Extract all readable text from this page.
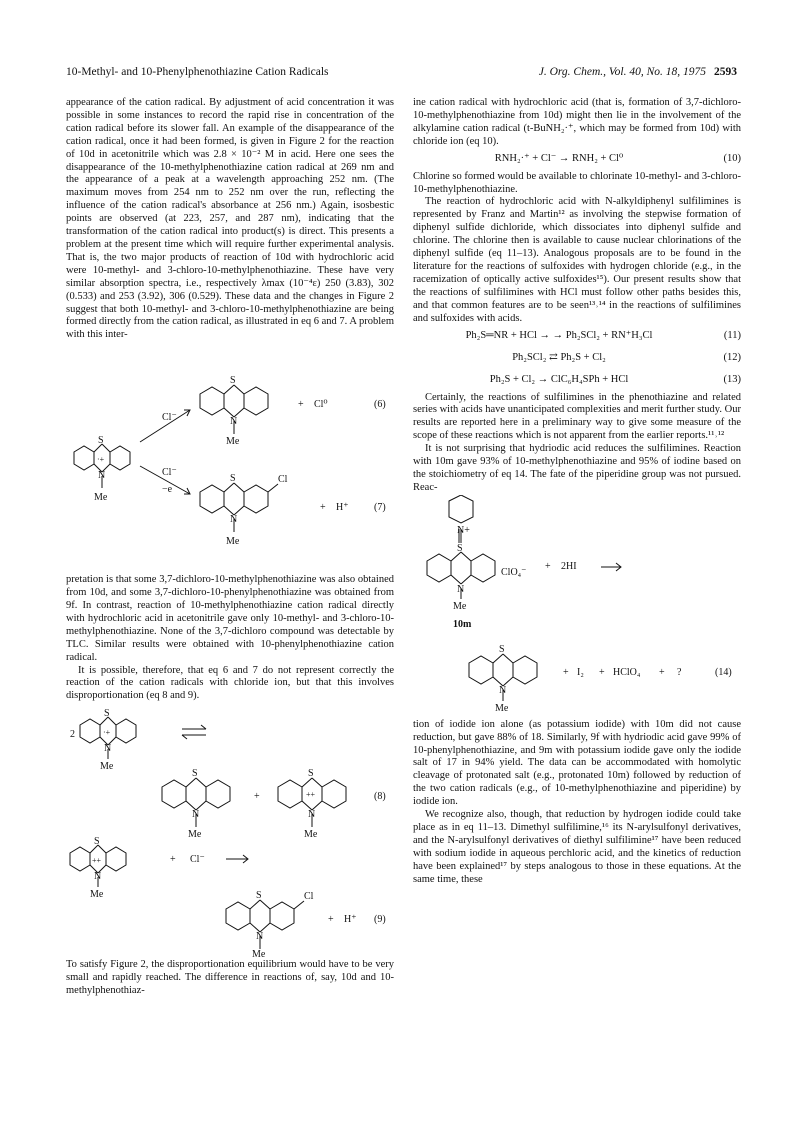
10-Methyl- and 10-Phenylphenothiazine Cation Radicals	J. Org. Chem., Vol. 40, No. 18, 1975 2593

appearance of the cation radical. By adjustment of acid concentration it was possible in some instances to record the rapid rise in concentration of the cation radical before its slower fall. An example of the disappearance of the cation radical, once it had been formed, is given in Figure 2 for the reaction of 10d in acetonitrile which was 2.8 × 10⁻² M in acid. Here one sees the disappearance of the 10-methylphenothiazine cation radical at 269 nm and the appearance of a peak at a wavelength approaching 252 nm. (The maximum moves from 254 nm to 252 nm over the run, reflecting the influence of the cation radical's absorbance at 256 nm.) Again, isosbestic points are observed (at 223, 257, and 287 nm), indicating that the transformation of the cation radical into product(s) is direct. This presents a problem at the present time which will require further experimental analysis. That is, the two major products of reaction of 10d with hydrochloric acid were 10-methyl- and 3-chloro-10-methylphenothiazine. These have very similar absorption spectra, i.e., respectively λmax (10⁻⁴ε) 250 (3.83), 302 (0.533) and 253 (3.92), 306 (0.529). These data and the changes in Figure 2 suggest that both 10-methyl- and 3-chloro-10-methylphenothiazine are being formed directly from the cation radical, as illustrated in eq 6 and 7. A problem with this inter-

S
·+
N
Me
Cl⁻
Cl⁻
−e
S
N
Me
+ Cl⁰	(6)
S
N
Me
Cl
+ H⁺	(7)

pretation is that some 3,7-dichloro-10-methylphenothiazine was also obtained from 10d, and some 3,7-dichloro-10-phenylphenothiazine was obtained from 9f. In contrast, reaction of 10-methylphenothiazine cation radical directly with hydrochloric acid in acetonitrile gave only 10-methyl- and 3-chloro-10-methylphenothiazine. None of the 3,7-dichloro compound was detectable by TLC. Similar results were obtained with 10-phenylphenothiazine cation radical.

It is possible, therefore, that eq 6 and 7 do not represent correctly the reaction of the cation radicals with chloride ion, but that this involves disproportionation (eq 8 and 9).

2
S
·+
N
Me
S
N
Me
+
S
++
N
Me
(8)
S
++
N
Me
+ Cl⁻
S
N
Me
Cl
+ H⁺ (9)

To satisfy Figure 2, the disproportionation equilibrium would have to be very small and rapidly reached. The difference in reactions of, say, 10d and 10-methylphenothiaz-

ine cation radical with hydrochloric acid (that is, formation of 3,7-dichloro-10-methylphenothiazine from 10d) might then lie in the involvement of the alkylamine cation radical (t-BuNH₂·⁺, which may be formed from 10d) with chloride ion (eq 10).

RNH₂·⁺ + Cl⁻ → RNH₂ + Cl⁰	(10)

Chlorine so formed would be available to chlorinate 10-methyl- and 3-chloro-10-methylphenothiazine.

The reaction of hydrochloric acid with N-alkyldiphenyl sulfilimines is represented by Franz and Martin¹² as involving the stepwise formation of diphenyl sulfide dichloride, which dissociates into diphenyl sulfide and chlorine. The chlorine then is available to cause nuclear chlorinations of the diphenyl sulfide (eq 11–13). Analogous proposals are to be found in the literature for the reactions of sulfoxides with hydrogen chloride (e.g., in the racemization of optically active sulfoxides¹⁵). Our present results show that the reactions of sulfilimines with HCl must follow other paths besides this, and that common features are to be seen¹³˒¹⁴ in the reactions of sulfilimines and sulfoxides with acids.

Ph₂S═NR + HCl → → Ph₂SCl₂ + RN⁺H₃Cl	(11)
Ph₂SCl₂ ⇄ Ph₂S + Cl₂	(12)
Ph₂S + Cl₂ → ClC₆H₄SPh + HCl	(13)

Certainly, the reactions of sulfilimines in the phenothiazine and related series with acids have unanticipated complexities and merit further study. Our results are reported here in a preliminary way to give some measure of the scope of these reactions which is not apparent from the earlier reports.¹¹˒¹²

It is not surprising that hydriodic acid reduces the sulfilimines. Reaction with 10m gave 93% of 10-methylphenothiazine and 95% of iodine based on the stoichiometry of eq 14. The fate of the piperidine group was not pursued. Reac-

N+
S
N
Me
10m
ClO₄⁻
+ 2HI
S
N
Me
+ I₂ + HClO₄ + ?	(14)

tion of iodide ion alone (as potassium iodide) with 10m did not cause reduction, but gave 88% of 18. Similarly, 9f with hydriodic acid gave 99% of 10-phenylphenothiazine, and 9m with potassium iodide gave only the iodide salt of 17 in 94% yield. The data can be accommodated with homolytic cleavage of protonated salt (e.g., protonated 10m) followed by reduction of the two cation radicals (e.g., of 10-methylphenothiazine and piperidine) by iodide ion.

We recognize also, though, that reduction by hydrogen iodide could take place as in eq 11–13. Dimethyl sulfilimine,¹⁶ its N-arylsulfonyl derivatives, and the N-arylsulfonyl derivatives of diethyl sulfilimine¹⁷ have been reduced with sodium iodide in aqueous perchloric acid, and the kinetics of reduction have been explained¹⁷ by steps analogous to those in these equations. At the same time, these
